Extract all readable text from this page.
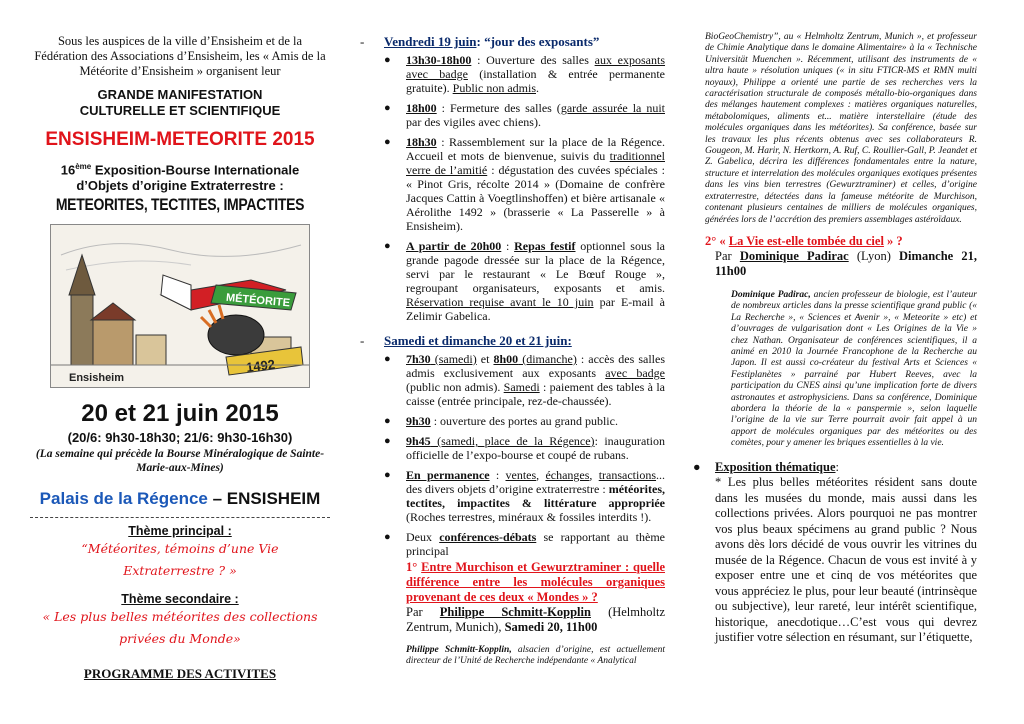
Sous les auspices de la ville d’Ensisheim et de la Fédération des Associations d’Ensisheim, les « Amis de la Météorite d’Ensisheim » organisent leur

GRANDE MANIFESTATION

CULTURELLE ET SCIENTIFIQUE

ENSISHEIM-METEORITE 2015

16ème Exposition-Bourse Internationale

d’Objets d’origine Extraterrestre :

METEORITES, TECTITES, IMPACTITES

MÉTÉORITE
1492
Ensisheim

20 et 21 juin 2015

(20/6: 9h30-18h30; 21/6: 9h30-16h30)

(La semaine qui précède la Bourse Minéralogique de Sainte-Marie-aux-Mines)

Palais de la Régence – ENSISHEIM

Thème principal :

“Météorites, témoins d’une Vie

Extraterrestre ? »

Thème secondaire :

« Les plus belles météorites des collections

privées du Monde»

PROGRAMME DES ACTIVITES

- Vendredi 19 juin: “jour des exposants”
● 13h30-18h00 : Ouverture des salles aux exposants avec badge (installation & entrée permanente gratuite). Public non admis.
● 18h00 : Fermeture des salles (garde assurée la nuit par des vigiles avec chiens).
● 18h30 : Rassemblement sur la place de la Régence. Accueil et mots de bienvenue, suivis du traditionnel verre de l’amitié : dégustation des cuvées spéciales : « Pinot Gris, récolte 2014 » (Domaine de confrère Jacques Cattin à Voegtlinshoffen) et bière artisanale « Aérolithe 1492 » (brasserie « La Passerelle » à Ensisheim).
● A partir de 20h00 : Repas festif optionnel sous la grande pagode dressée sur la place de la Régence, servi par le restaurant « Le Bœuf Rouge », regroupant organisateurs, exposants et amis. Réservation requise avant le 10 juin par E-mail à Zelimir Gabelica.
- Samedi et dimanche 20 et 21 juin:
● 7h30 (samedi) et 8h00 (dimanche) : accès des salles admis exclusivement aux exposants avec badge (public non admis). Samedi : paiement des tables à la caisse (entrée principale, rez-de-chaussée).
● 9h30 : ouverture des portes au grand public.
● 9h45 (samedi, place de la Régence): inauguration officielle de l’expo-bourse et coupé de rubans.
● En permanence : ventes, échanges, transactions... des divers objets d’origine extraterrestre : météorites, tectites, impactites & littérature appropriée (Roches terrestres, minéraux & fossiles interdits !).
● Deux conférences-débats se rapportant au thème principal

1° Entre Murchison et Gewurztraminer : quelle différence entre les molécules organiques provenant de ces deux « Mondes » ?

Par Philippe Schmitt-Kopplin (Helmholtz Zentrum, Munich), Samedi 20, 11h00

Philippe Schmitt-Kopplin, alsacien d’origine, est actuellement directeur de l’Unité de Recherche indépendante « Analytical

BioGeoChemistry”, au « Helmholtz Zentrum, Munich », et professeur de Chimie Analytique dans le domaine Alimentaire» à la « Technische Universität Muenchen ». Récemment, utilisant des instruments de « ultra haute » résolution uniques (« in situ FTICR-MS et RMN multi noyaux), Philippe a orienté une partie de ses recherches vers la caractérisation structurale de composés métallo-bio-organiques dans des mélanges hautement complexes : matières organiques naturelles, métabolomiques, aliments et... matière interstellaire (étude des molécules organiques dans les météorites). Sa conférence, basée sur les travaux les plus récents obtenus avec ses collaborateurs R. Gougeon, M. Harir, N. Hertkorn, A. Ruf, C. Roullier-Gall, P. Jeandet et Z. Gabelica, décrira les différences fondamentales entre la nature, structure et interrelation des molécules organiques exotiques présentes dans les vins bien terrestres (Gewurztraminer) et celles, d’origine extraterrestre, détectées dans la fameuse météorite de Murchison, contenant plusieurs centaines de milliers de molécules organiques, générées lors de l’accrétion des premiers assemblages astéroïdaux.

2° « La Vie est-elle tombée du ciel » ?

Par Dominique Padirac (Lyon) Dimanche 21, 11h00

Dominique Padirac, ancien professeur de biologie, est l’auteur de nombreux articles dans la presse scientifique grand public (« La Recherche », « Sciences et Avenir », « Meteorite » etc) et d’ouvrages de vulgarisation dont « Les Origines de la Vie » chez Nathan. Organisateur de conférences scientifiques, il a animé en 2010 la Journée Francophone de la Recherche au Japon. Il est aussi co-créateur du festival Arts et Sciences « Festiplanètes » parrainé par Hubert Reeves, avec la participation du CNES ainsi qu’une implication forte de divers astronautes et astrophysiciens. Dans sa conférence, Dominique abordera la théorie de la « panspermie », selon laquelle l’origine de la vie sur Terre pourrait avoir fait appel à un apport de molécules organiques par des météorites ou des comètes, pour y amener les briques essentielles à la vie.

● Exposition thématique:

* Les plus belles météorites résident sans doute dans les musées du monde, mais aussi dans les collections privées. Alors pourquoi ne pas montrer vos plus beaux spécimens au grand public ? Nous avons dès lors décidé de vous ouvrir les vitrines du musée de la Régence. Chacun de vous est invité à y exposer entre une et cinq de vos météorites que vous appréciez le plus, pour leur beauté (intrinsèque ou subjective), leur rareté, leur intérêt scientifique, historique, anecdotique…C’est vous qui devrez justifier votre sélection en résumant, sur l’étiquette,
